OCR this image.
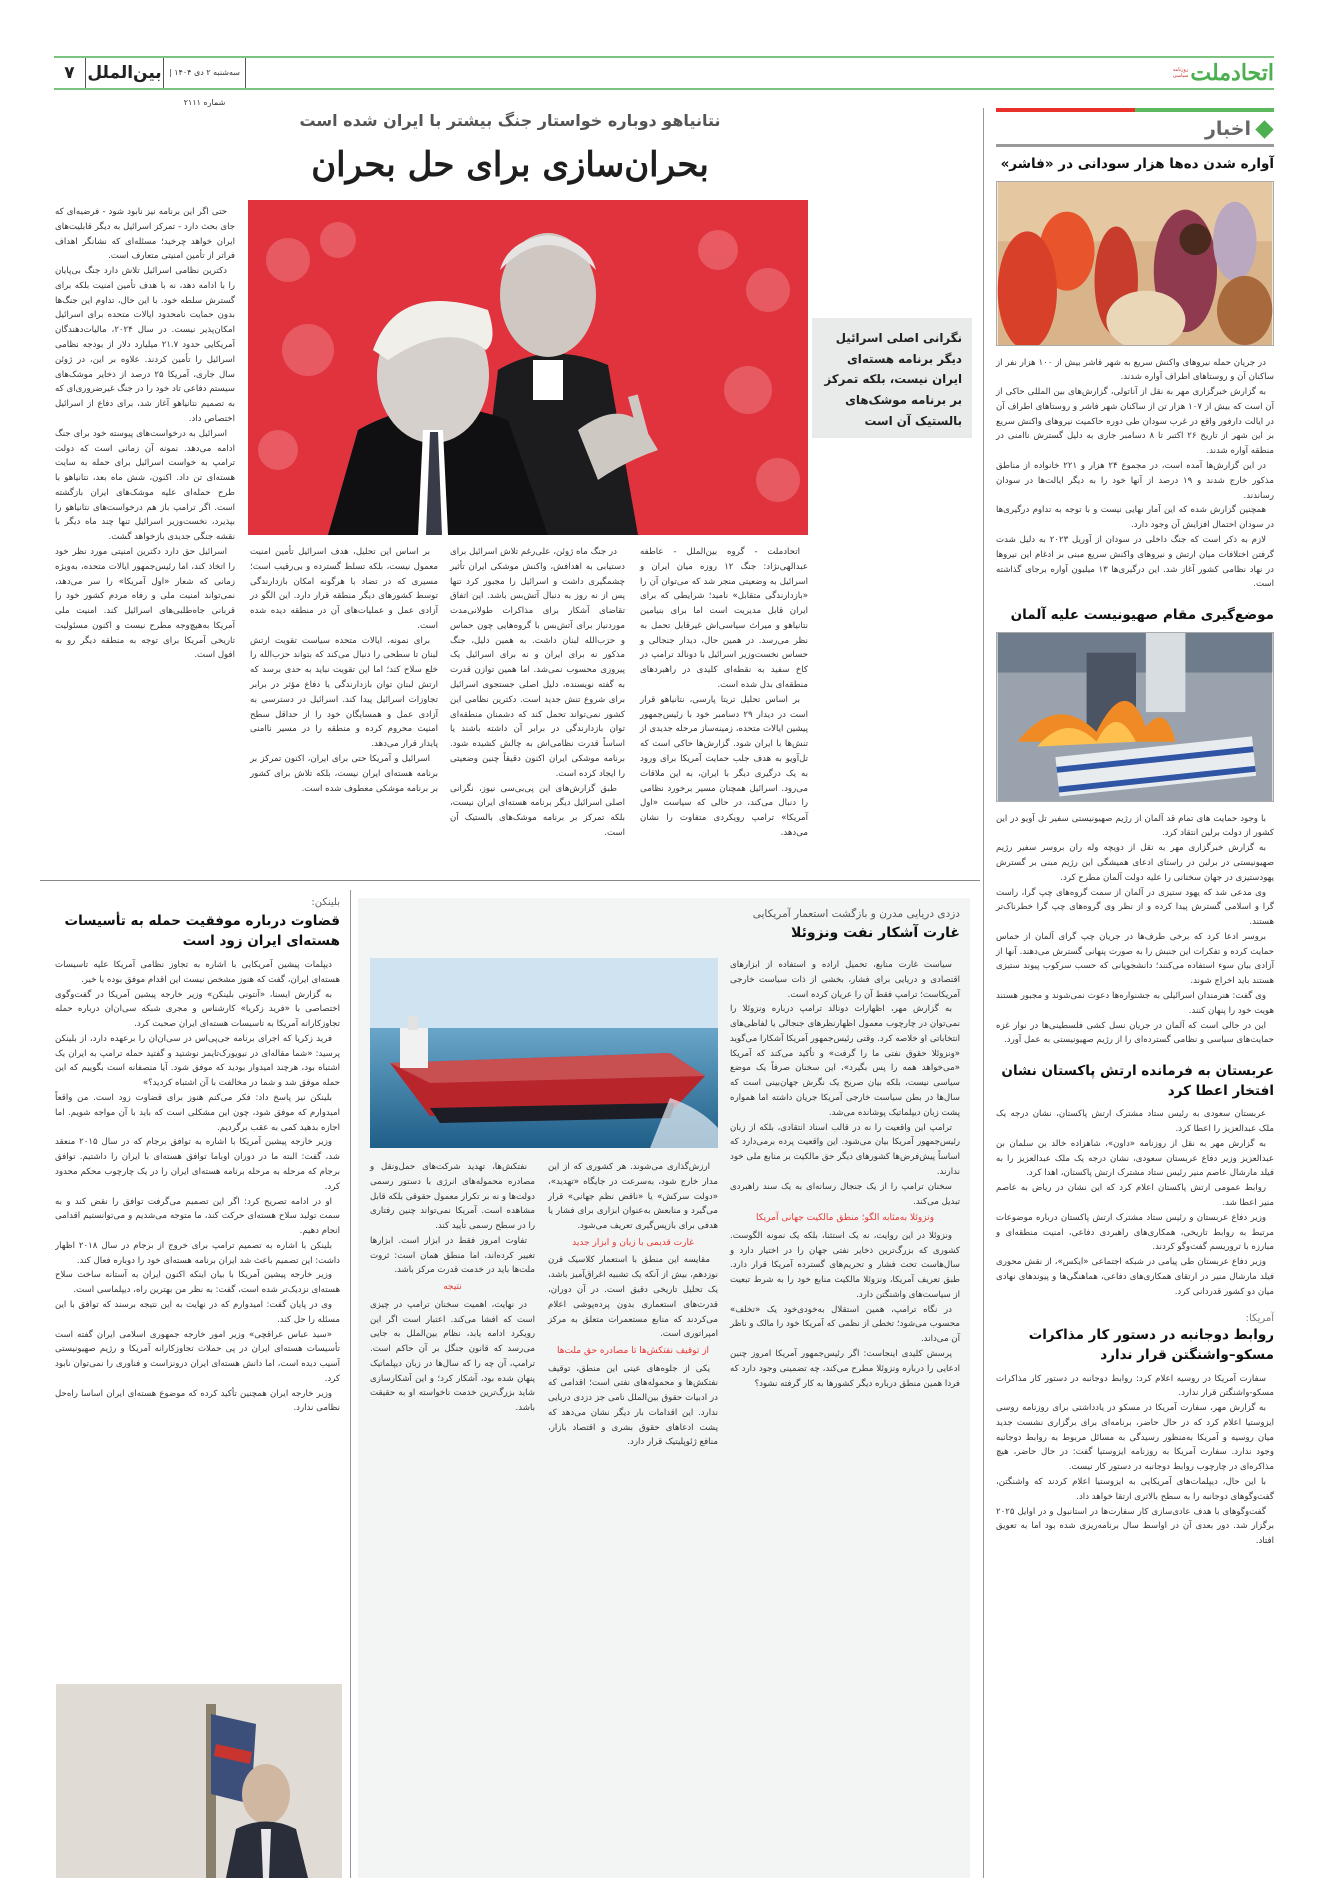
۷ بین‌الملل سه‌شنبه ۲ دی ۱۴۰۴ | شماره ۲۱۱۱
روزنامه سیاسی اتحادملت
اخبار
آواره شدن ده‌ها هزار سودانی در «فاشر»

در جریان حمله نیروهای واکنش سریع به شهر فاشر بیش از ۱۰۰ هزار نفر از ساکنان آن و روستاهای اطراف آواره شدند.

به گزارش خبرگزاری مهر به نقل از آناتولی، گزارش‌های بین المللی حاکی از آن است که بیش از ۱۰۷ هزار تن از ساکنان شهر فاشر و روستاهای اطراف آن در ایالت دارفور واقع در غرب سودان طی دوره حاکمیت نیروهای واکنش سریع بر این شهر از تاریخ ۲۶ اکتبر تا ۸ دسامبر جاری به دلیل گسترش ناامنی در منطقه آواره شدند.

در این گزارش‌ها آمده است، در مجموع ۲۴ هزار و ۲۲۱ خانواده از مناطق مذکور خارج شدند و ۱۹ درصد از آنها خود را به دیگر ایالت‌ها در سودان رساندند.

همچنین گزارش شده که این آمار نهایی نیست و با توجه به تداوم درگیری‌ها در سودان احتمال افزایش آن وجود دارد.

لازم به ذکر است که جنگ داخلی در سودان از آوریل ۲۰۲۳ به دلیل شدت گرفتن اختلافات میان ارتش و نیروهای واکنش سریع مبنی بر ادغام این نیروها در نهاد نظامی کشور آغاز شد. این درگیری‌ها ۱۳ میلیون آواره برجای گذاشته است.

موضع‌گیری مقام صهیونیست علیه آلمان

با وجود حمایت های تمام قد آلمان از رژیم صهیونیستی سفیر تل آویو در این کشور از دولت برلین انتقاد کرد.

به گزارش خبرگزاری مهر به نقل از دویچه وله ران بروسر سفیر رژیم صهیونیستی در برلین در راستای ادعای همیشگی این رژیم مبنی بر گسترش یهودستیزی در جهان سخنانی را علیه دولت آلمان مطرح کرد.

وی مدعی شد که یهود ستیزی در آلمان از سمت گروه‌های چپ گرا، راست گرا و اسلامی گسترش پیدا کرده و از نظر وی گروه‌های چپ گرا خطرناک‌تر هستند.

بروسر ادعا کرد که برخی طرف‌ها در جریان چپ گرای آلمان از حماس حمایت کرده و تفکرات این جنبش را به صورت پنهانی گسترش می‌دهند. آنها از آزادی بیان سوء استفاده می‌کنند؛ دانشجویانی که حسب سرکوب پیوند ستیزی هستند باید اخراج شوند.

وی گفت: هنرمندان اسرائیلی به جشنواره‌ها دعوت نمی‌شوند و مجبور هستند هویت خود را پنهان کنند.

این در حالی است که آلمان در جریان نسل کشی فلسطینی‌ها در نوار غزه حمایت‌های سیاسی و نظامی گسترده‌ای را از رژیم صهیونیستی به عمل آورد.

عربستان به فرمانده ارتش پاکستان نشان افتخار اعطا کرد

عربستان سعودی به رئیس ستاد مشترک ارتش پاکستان، نشان درجه یک ملک عبدالعزیز را اعطا کرد.

به گزارش مهر به نقل از روزنامه «داون»، شاهزاده خالد بن سلمان بن عبدالعزیز وزیر دفاع عربستان سعودی، نشان درجه یک ملک عبدالعزیز را به فیلد مارشال عاصم منیر رئیس ستاد مشترک ارتش پاکستان، اهدا کرد.

روابط عمومی ارتش پاکستان اعلام کرد که این نشان در ریاض به عاصم منیر اعطا شد.

وزیر دفاع عربستان و رئیس ستاد مشترک ارتش پاکستان درباره موضوعات مرتبط به روابط تاریخی، همکاری‌های راهبردی دفاعی، امنیت منطقه‌ای و مبارزه با تروریسم گفت‌وگو کردند.

وزیر دفاع عربستان طی پیامی در شبکه اجتماعی «ایکس»، از نقش محوری فیلد مارشال منیر در ارتقای همکاری‌های دفاعی، هماهنگی‌ها و پیوندهای نهادی میان دو کشور قدردانی کرد.

آمریکا:
روابط دوجانبه در دستور کار مذاکرات مسکو–واشنگتن قرار ندارد

سفارت آمریکا در روسیه اعلام کرد: روابط دوجانبه در دستور کار مذاکرات مسکو-واشنگتن قرار ندارد.

به گزارش مهر، سفارت آمریکا در مسکو در یادداشتی برای روزنامه روسی ایزوستیا اعلام کرد که در حال حاضر، برنامه‌ای برای برگزاری نشست جدید میان روسیه و آمریکا به‌منظور رسیدگی به مسائل مربوط به روابط دوجانبه وجود ندارد. سفارت آمریکا به روزنامه ایزوستیا گفت: در حال حاضر، هیچ مذاکره‌ای در چارچوب روابط دوجانبه در دستور کار نیست.

با این حال، دیپلمات‌های آمریکایی به ایزوستیا اعلام کردند که واشنگتن، گفت‌وگوهای دوجانبه را به سطح بالاتری ارتقا خواهد داد.

گفت‌وگوهای با هدف عادی‌سازی کار سفارت‌ها در استانبول و در اوایل ۲۰۲۵ برگزار شد. دور بعدی آن در اواسط سال برنامه‌ریزی شده بود اما به تعویق افتاد.

نتانیاهو دوباره خواستار جنگ بیشتر با ایران شده است
بحران‌سازی برای حل بحران
نگرانی اصلی اسرائیل دیگر برنامه هسته‌ای ایران نیست، بلکه تمرکز بر برنامه موشک‌های بالستیک آن است

اتحادملت - گروه بین‌الملل - عاطفه عبدالهی‌نژاد: جنگ ۱۲ روزه میان ایران و اسرائیل به وضعیتی منجر شد که می‌توان آن را «بازدارندگی متقابل» نامید؛ شرایطی که برای ایران قابل مدیریت است اما برای بنیامین نتانیاهو و میراث سیاسی‌اش غیرقابل تحمل به نظر می‌رسد. در همین حال، دیدار جنجالی و حساس نخست‌وزیر اسرائیل با دونالد ترامپ در کاخ سفید به نقطه‌ای کلیدی در راهبردهای منطقه‌ای بدل شده است.

بر اساس تحلیل تریتا پارسی، نتانیاهو قرار است در دیدار ۲۹ دسامبر خود با رئیس‌جمهور پیشین ایالات متحده، زمینه‌ساز مرحله جدیدی از تنش‌ها با ایران شود. گزارش‌ها حاکی است که تل‌آویو به هدف جلب حمایت آمریکا برای ورود به یک درگیری دیگر با ایران، به این ملاقات می‌رود. اسرائیل همچنان مسیر برخورد نظامی را دنبال می‌کند، در حالی که سیاست «اول آمریکا» ترامپ رویکردی متفاوت را نشان می‌دهد.

در جنگ ماه ژوئن، علی‌رغم تلاش اسرائیل برای دستیابی به اهدافش، واکنش موشکی ایران تأثیر چشمگیری داشت و اسرائیل را مجبور کرد تنها پس از نه روز به دنبال آتش‌بس باشد. این اتفاق تقاضای آشکار برای مذاکرات طولانی‌مدت موردنیاز برای آتش‌بس با گروه‌هایی چون حماس و حزب‌الله لبنان داشت. به همین دلیل، جنگ مذکور نه برای ایران و نه برای اسرائیل یک پیروزی محسوب نمی‌شد. اما همین توازن قدرت به گفته نویسنده، دلیل اصلی جستجوی اسرائیل برای شروع تنش جدید است. دکترین نظامی این کشور نمی‌تواند تحمل کند که دشمنان منطقه‌ای توان بازدارندگی در برابر آن داشته باشند یا اساساً قدرت نظامی‌اش به چالش کشیده شود. برنامه موشکی ایران اکنون دقیقاً چنین وضعیتی را ایجاد کرده است.

طبق گزارش‌های این پی‌بی‌سی نیوز، نگرانی اصلی اسرائیل دیگر برنامه هسته‌ای ایران نیست، بلکه تمرکز بر برنامه موشک‌های بالستیک آن است.

بر اساس این تحلیل، هدف اسرائیل تأمین امنیت معمول نیست، بلکه تسلط گسترده و بی‌رقیب است؛ مسیری که در تضاد با هرگونه امکان بازدارندگی توسط کشورهای دیگر منطقه قرار دارد. این الگو در آزادی عمل و عملیات‌های آن در منطقه دیده شده است.

برای نمونه، ایالات متحده سیاست تقویت ارتش لبنان تا سطحی را دنبال می‌کند که بتواند حزب‌الله را خلع سلاح کند؛ اما این تقویت نباید به حدی برسد که ارتش لبنان توان بازدارندگی یا دفاع مؤثر در برابر تجاوزات اسرائیل پیدا کند. اسرائیل در دسترسی به آزادی عمل و همسایگان خود را از حداقل سطح امنیت محروم کرده و منطقه را در مسیر ناامنی پایدار قرار می‌دهد.

اسرائیل و آمریکا حتی برای ایران، اکنون تمرکز بر برنامه هسته‌ای ایران نیست، بلکه تلاش برای کشور بر برنامه موشکی معطوف شده است.

حتی اگر این برنامه نیز نابود شود - فرضیه‌ای که جای بحث دارد - تمرکز اسرائیل به دیگر قابلیت‌های ایران خواهد چرخید؛ مسئله‌ای که نشانگر اهداف فراتر از تأمین امنیتی متعارف است.

دکترین نظامی اسرائیل تلاش دارد جنگ بی‌پایان را با ادامه دهد، نه با هدف تأمین امنیت بلکه برای گسترش سلطه خود. با این حال، تداوم این جنگ‌ها بدون حمایت نامحدود ایالات متحده برای اسرائیل امکان‌پذیر نیست. در سال ۲۰۲۴، مالیات‌دهندگان آمریکایی حدود ۲۱.۷ میلیارد دلار از بودجه نظامی اسرائیل را تأمین کردند. علاوه بر این، در ژوئن سال جاری، آمریکا ۲۵ درصد از ذخایر موشک‌های سیستم دفاعی تاد خود را در جنگ غیرضروری‌ای که به تصمیم نتانیاهو آغاز شد، برای دفاع از اسرائیل اختصاص داد.

اسرائیل به درخواست‌های پیوسته خود برای جنگ ادامه می‌دهد. نمونه آن زمانی است که دولت ترامپ به خواست اسرائیل برای حمله به سایت هسته‌ای تن داد. اکنون، شش ماه بعد، نتانیاهو با طرح حمله‌ای علیه موشک‌های ایران بازگشته است. اگر ترامپ باز هم درخواست‌های نتانیاهو را بپذیرد، نخست‌وزیر اسرائیل تنها چند ماه دیگر با نقشه جنگی جدیدی بازخواهد گشت.

اسرائیل حق دارد دکترین امنیتی مورد نظر خود را اتخاذ کند، اما رئیس‌جمهور ایالات متحده، به‌ویژه زمانی که شعار «اول آمریکا» را سر می‌دهد، نمی‌تواند امنیت ملی و رفاه مردم کشور خود را قربانی جاه‌طلبی‌های اسرائیل کند. امنیت ملی آمریکا به‌هیچ‌وجه مطرح نیست و اکنون مسئولیت تاریخی آمریکا برای توجه به منطقه دیگر رو به افول است.

دزدی دریایی مدرن و بازگشت استعمار آمریکایی
غارت آشکار نفت ونزوئلا

سیاست غارت منابع، تحمیل اراده و استفاده از ابزارهای اقتصادی و دریایی برای فشار، بخشی از ذات سیاست خارجی آمریکاست؛ ترامپ فقط آن را عریان کرده است.

به گزارش مهر، اظهارات دونالد ترامپ درباره ونزوئلا را نمی‌توان در چارچوب معمول اظهارنظرهای جنجالی یا لفاظی‌های انتخاباتی او خلاصه کرد. وقتی رئیس‌جمهور آمریکا آشکارا می‌گوید «ونزوئلا حقوق نفتی ما را گرفت» و تأکید می‌کند که آمریکا «می‌خواهد همه را پس بگیرد»، این سخنان صرفاً یک موضع سیاسی نیست، بلکه بیان صریح یک نگرش جهان‌بینی است که سال‌ها در بطن سیاست خارجی آمریکا جریان داشته اما همواره پشت زبان دیپلماتیک پوشانده می‌شد.

ترامپ این واقعیت را نه در قالب اسناد انتقادی، بلکه از زبان رئیس‌جمهور آمریکا بیان می‌شود. این واقعیت پرده برمی‌دارد که اساساً پیش‌فرض‌ها کشورهای دیگر حق مالکیت بر منابع ملی خود ندارند.

سخنان ترامپ را از یک جنجال رسانه‌ای به یک سند راهبردی تبدیل می‌کند.

ونزوئلا به‌مثابه الگو؛ منطق مالکیت جهانی آمریکا

ونزوئلا در این روایت، نه یک استثنا، بلکه یک نمونه الگوست. کشوری که بزرگ‌ترین ذخایر نفتی جهان را در اختیار دارد و سال‌هاست تحت فشار و تحریم‌های گسترده آمریکا قرار دارد. طبق تعریف آمریکا، ونزوئلا مالکیت منابع خود را به شرط تبعیت از سیاست‌های واشنگتن دارد.

در نگاه ترامپ، همین استقلال به‌خودی‌خود یک «تخلف» محسوب می‌شود؛ تخطی از نظمی که آمریکا خود را مالک و ناظر آن می‌داند.

پرسش کلیدی اینجاست: اگر رئیس‌جمهور آمریکا امروز چنین ادعایی را درباره ونزوئلا مطرح می‌کند، چه تضمینی وجود دارد که فردا همین منطق درباره دیگر کشورها به کار گرفته نشود؟

ارزش‌گذاری می‌شوند. هر کشوری که از این مدار خارج شود، به‌سرعت در جایگاه «تهدید»، «دولت سرکش» یا «ناقض نظم جهانی» قرار می‌گیرد و منابعش به‌عنوان ابزاری برای فشار یا هدفی برای بازپس‌گیری تعریف می‌شود.

غارت قدیمی با زبان و ابزار جدید

مقایسه این منطق با استعمار کلاسیک قرن نوزدهم، بیش از آنکه یک تشبیه اغراق‌آمیز باشد، یک تحلیل تاریخی دقیق است. در آن دوران، قدرت‌های استعماری بدون پرده‌پوشی اعلام می‌کردند که منابع مستعمرات متعلق به مرکز امپراتوری است.

از توقیف نفتکش‌ها تا مصادره حق ملت‌ها

یکی از جلوه‌های عینی این منطق، توقیف نفتکش‌ها و محموله‌های نفتی است؛ اقدامی که در ادبیات حقوق بین‌الملل نامی جز دزدی دریایی ندارد. این اقدامات بار دیگر نشان می‌دهد که پشت ادعاهای حقوق بشری و اقتصاد بازار، منافع ژئوپلیتیک قرار دارد.

نفتکش‌ها، تهدید شرکت‌های حمل‌ونقل و مصادره محموله‌های انرژی با دستور رسمی دولت‌ها و نه بر تکرار معمول حقوقی بلکه قابل مشاهده است. آمریکا نمی‌تواند چنین رفتاری را در سطح رسمی تأیید کند.

تفاوت امروز فقط در ابزار است. ابزارها تغییر کرده‌اند، اما منطق همان است: ثروت ملت‌ها باید در خدمت قدرت مرکز باشد.

نتیجه

در نهایت، اهمیت سخنان ترامپ در چیزی است که افشا می‌کند. اعتبار است اگر این رویکرد ادامه یابد، نظام بین‌الملل به جایی می‌رسد که قانون جنگل بر آن حاکم است. ترامپ، آن چه را که سال‌ها در زبان دیپلماتیک پنهان شده بود، آشکار کرد؛ و این آشکارسازی شاید بزرگ‌ترین خدمت ناخواسته او به حقیقت باشد.

بلینکن:
قضاوت درباره موفقیت حمله به تأسیسات هسته‌ای ایران زود است

دیپلمات پیشین آمریکایی با اشاره به تجاوز نظامی آمریکا علیه تاسیسات هسته‌ای ایران، گفت که هنوز مشخص نیست این اقدام موفق بوده یا خیر.

به گزارش ایسنا، «آنتونی بلینکن» وزیر خارجه پیشین آمریکا در گفت‌وگوی اختصاصی با «فرید زکریا» کارشناس و مجری شبکه سی‌ان‌ان درباره حمله تجاوزکارانه آمریکا به تاسیسات هسته‌ای ایران صحبت کرد.

فرید زکریا که اجرای برنامه جی‌پی‌اس در سی‌ان‌ان را برعهده دارد، از بلینکن پرسید: «شما مقاله‌ای در نیویورک‌تایمز نوشتید و گفتید حمله ترامپ به ایران یک اشتباه بود، هرچند امیدوار بودید که موفق شود. آیا منصفانه است بگوییم که این حمله موفق شد و شما در مخالفت با آن اشتباه کردید؟»

بلینکن نیز پاسخ داد: فکر می‌کنم هنوز برای قضاوت زود است. من واقعاً امیدوارم که موفق شود، چون این مشکلی است که باید با آن مواجه شویم. اما اجازه بدهید کمی به عقب برگردیم.

وزیر خارجه پیشین آمریکا با اشاره به توافق برجام که در سال ۲۰۱۵ منعقد شد، گفت: البته ما در دوران اوباما توافق هسته‌ای با ایران را داشتیم. توافق برجام که مرحله به مرحله برنامه هسته‌ای ایران را در یک چارچوب محکم محدود کرد.

او در ادامه تصریح کرد: اگر این تصمیم می‌گرفت توافق را نقض کند و به سمت تولید سلاح هسته‌ای حرکت کند، ما متوجه می‌شدیم و می‌توانستیم اقدامی انجام دهیم.

بلینکن با اشاره به تصمیم ترامپ برای خروج از برجام در سال ۲۰۱۸ اظهار داشت: این تصمیم باعث شد ایران برنامه هسته‌ای خود را دوباره فعال کند.

وزیر خارجه پیشین آمریکا با بیان اینکه اکنون ایران به آستانه ساخت سلاح هسته‌ای نزدیک‌تر شده است، گفت: به نظر من بهترین راه، دیپلماسی است.

وی در پایان گفت: امیدوارم که در نهایت به این نتیجه برسند که توافق با این مسئله را حل کند.

«سید عباس عراقچی» وزیر امور خارجه جمهوری اسلامی ایران گفته است تأسیسات هسته‌ای ایران در پی حملات تجاوزکارانه آمریکا و رژیم صهیونیستی آسیب دیده است، اما دانش هسته‌ای ایران درونزاست و فناوری را نمی‌توان نابود کرد.

وزیر خارجه ایران همچنین تأکید کرده که موضوع هسته‌ای ایران اساسا راه‌حل نظامی ندارد.
